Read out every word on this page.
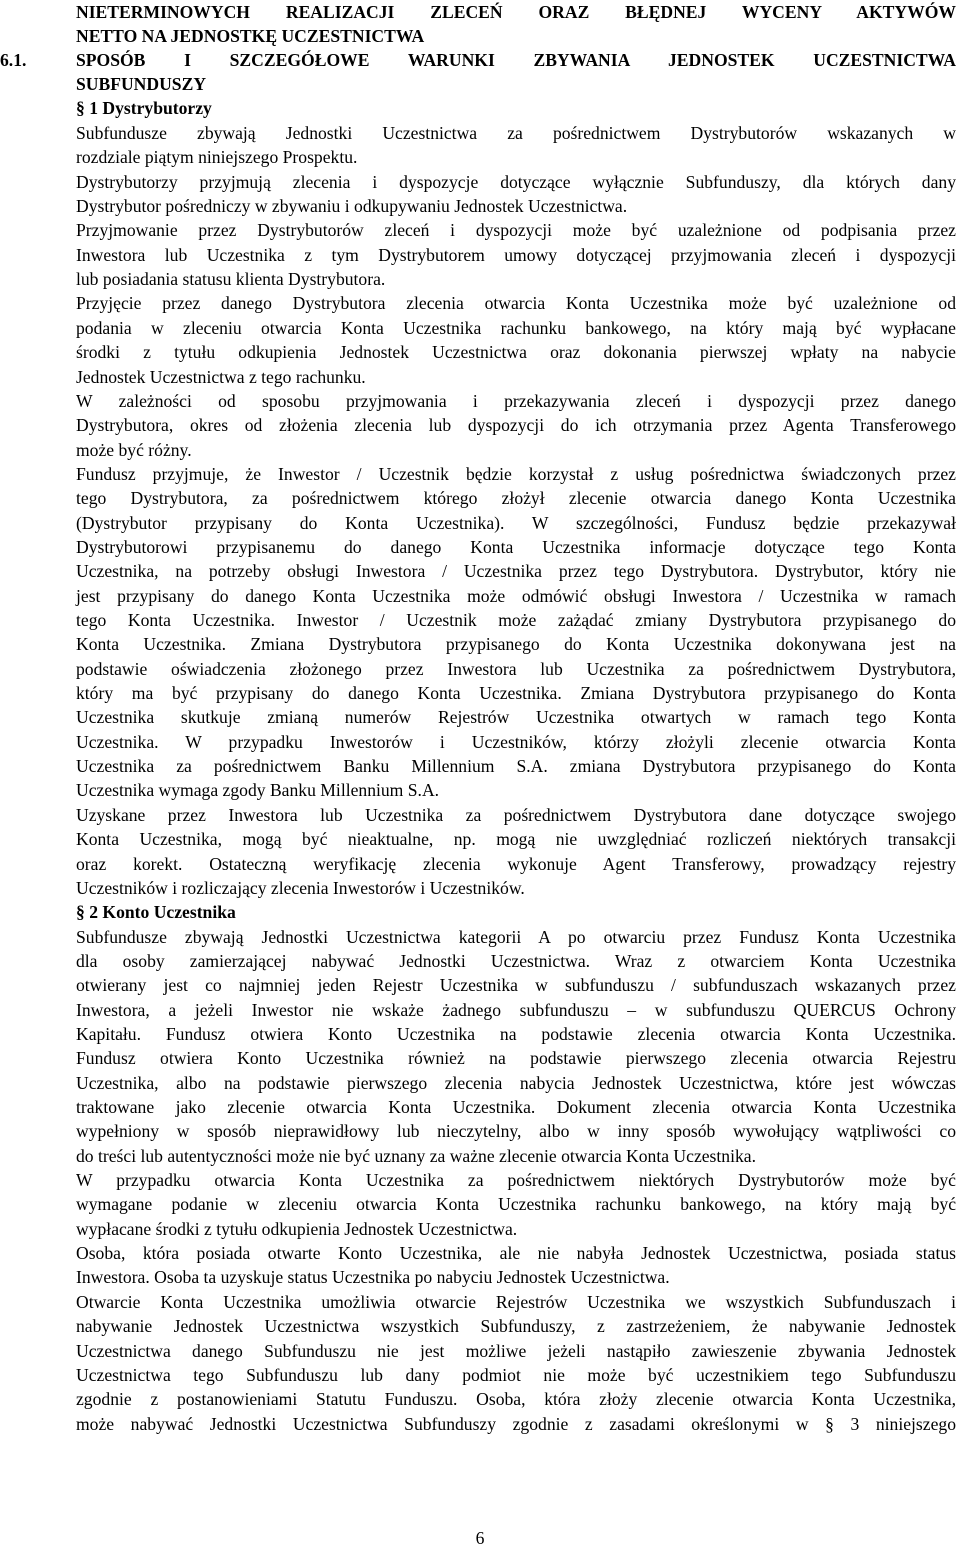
NIETERMINOWYCH REALIZACJI ZLECEŃ ORAZ BŁĘDNEJ WYCENY AKTYWÓW
NETTO NA JEDNOSTKĘ UCZESTNICTWA
6.1.	SPOSÓB I SZCZEGÓŁOWE WARUNKI ZBYWANIA JEDNOSTEK UCZESTNICTWA
SUBFUNDUSZY
§ 1 Dystrybutorzy
Subfundusze zbywają Jednostki Uczestnictwa za pośrednictwem Dystrybutorów wskazanych w
rozdziale piątym niniejszego Prospektu.
Dystrybutorzy przyjmują zlecenia i dyspozycje dotyczące wyłącznie Subfunduszy, dla których dany
Dystrybutor pośredniczy w zbywaniu i odkupywaniu Jednostek Uczestnictwa.
Przyjmowanie przez Dystrybutorów zleceń i dyspozycji może być uzależnione od podpisania przez
Inwestora lub Uczestnika z tym Dystrybutorem umowy dotyczącej przyjmowania zleceń i dyspozycji
lub posiadania statusu klienta Dystrybutora.
Przyjęcie przez danego Dystrybutora zlecenia otwarcia Konta Uczestnika może być uzależnione od
podania w zleceniu otwarcia Konta Uczestnika rachunku bankowego, na który mają być wypłacane
środki z tytułu odkupienia Jednostek Uczestnictwa oraz dokonania pierwszej wpłaty na nabycie
Jednostek Uczestnictwa z tego rachunku.
W zależności od sposobu przyjmowania i przekazywania zleceń i dyspozycji przez danego
Dystrybutora, okres od złożenia zlecenia lub dyspozycji do ich otrzymania przez Agenta Transferowego
może być różny.
Fundusz przyjmuje, że Inwestor / Uczestnik będzie korzystał z usług pośrednictwa świadczonych przez
tego Dystrybutora, za pośrednictwem którego złożył zlecenie otwarcia danego Konta Uczestnika
(Dystrybutor przypisany do Konta Uczestnika). W szczególności, Fundusz będzie przekazywał
Dystrybutorowi przypisanemu do danego Konta Uczestnika informacje dotyczące tego Konta
Uczestnika, na potrzeby obsługi Inwestora / Uczestnika przez tego Dystrybutora. Dystrybutor, który nie
jest przypisany do danego Konta Uczestnika może odmówić obsługi Inwestora / Uczestnika w ramach
tego Konta Uczestnika. Inwestor / Uczestnik może zażądać zmiany Dystrybutora przypisanego do
Konta Uczestnika. Zmiana Dystrybutora przypisanego do Konta Uczestnika dokonywana jest na
podstawie oświadczenia złożonego przez Inwestora lub Uczestnika za pośrednictwem Dystrybutora,
który ma być przypisany do danego Konta Uczestnika. Zmiana Dystrybutora przypisanego do Konta
Uczestnika skutkuje zmianą numerów Rejestrów Uczestnika otwartych w ramach tego Konta
Uczestnika. W przypadku Inwestorów i Uczestników, którzy złożyli zlecenie otwarcia Konta
Uczestnika za pośrednictwem Banku Millennium S.A. zmiana Dystrybutora przypisanego do Konta
Uczestnika wymaga zgody Banku Millennium S.A.
Uzyskane przez Inwestora lub Uczestnika za pośrednictwem Dystrybutora dane dotyczące swojego
Konta Uczestnika, mogą być nieaktualne, np. mogą nie uwzględniać rozliczeń niektórych transakcji
oraz korekt. Ostateczną weryfikację zlecenia wykonuje Agent Transferowy, prowadzący rejestry
Uczestników i rozliczający zlecenia Inwestorów i Uczestników.
§ 2 Konto Uczestnika
Subfundusze zbywają Jednostki Uczestnictwa kategorii A po otwarciu przez Fundusz Konta Uczestnika
dla osoby zamierzającej nabywać Jednostki Uczestnictwa. Wraz z otwarciem Konta Uczestnika
otwierany jest co najmniej jeden Rejestr Uczestnika w subfunduszu / subfunduszach wskazanych przez
Inwestora, a jeżeli Inwestor nie wskaże żadnego subfunduszu – w subfunduszu QUERCUS Ochrony
Kapitału. Fundusz otwiera Konto Uczestnika na podstawie zlecenia otwarcia Konta Uczestnika.
Fundusz otwiera Konto Uczestnika również na podstawie pierwszego zlecenia otwarcia Rejestru
Uczestnika, albo na podstawie pierwszego zlecenia nabycia Jednostek Uczestnictwa, które jest wówczas
traktowane jako zlecenie otwarcia Konta Uczestnika. Dokument zlecenia otwarcia Konta Uczestnika
wypełniony w sposób nieprawidłowy lub nieczytelny, albo w inny sposób wywołujący wątpliwości co
do treści lub autentyczności może nie być uznany za ważne zlecenie otwarcia Konta Uczestnika.
W przypadku otwarcia Konta Uczestnika za pośrednictwem niektórych Dystrybutorów może być
wymagane podanie w zleceniu otwarcia Konta Uczestnika rachunku bankowego, na który mają być
wypłacane środki z tytułu odkupienia Jednostek Uczestnictwa.
Osoba, która posiada otwarte Konto Uczestnika, ale nie nabyła Jednostek Uczestnictwa, posiada status
Inwestora. Osoba ta uzyskuje status Uczestnika po nabyciu Jednostek Uczestnictwa.
Otwarcie Konta Uczestnika umożliwia otwarcie Rejestrów Uczestnika we wszystkich Subfunduszach i
nabywanie Jednostek Uczestnictwa wszystkich Subfunduszy, z zastrzeżeniem, że nabywanie Jednostek
Uczestnictwa danego Subfunduszu nie jest możliwe jeżeli nastąpiło zawieszenie zbywania Jednostek
Uczestnictwa tego Subfunduszu lub dany podmiot nie może być uczestnikiem tego Subfunduszu
zgodnie z postanowieniami Statutu Funduszu. Osoba, która złoży zlecenie otwarcia Konta Uczestnika,
może nabywać Jednostki Uczestnictwa Subfunduszy zgodnie z zasadami określonymi w § 3 niniejszego
6
